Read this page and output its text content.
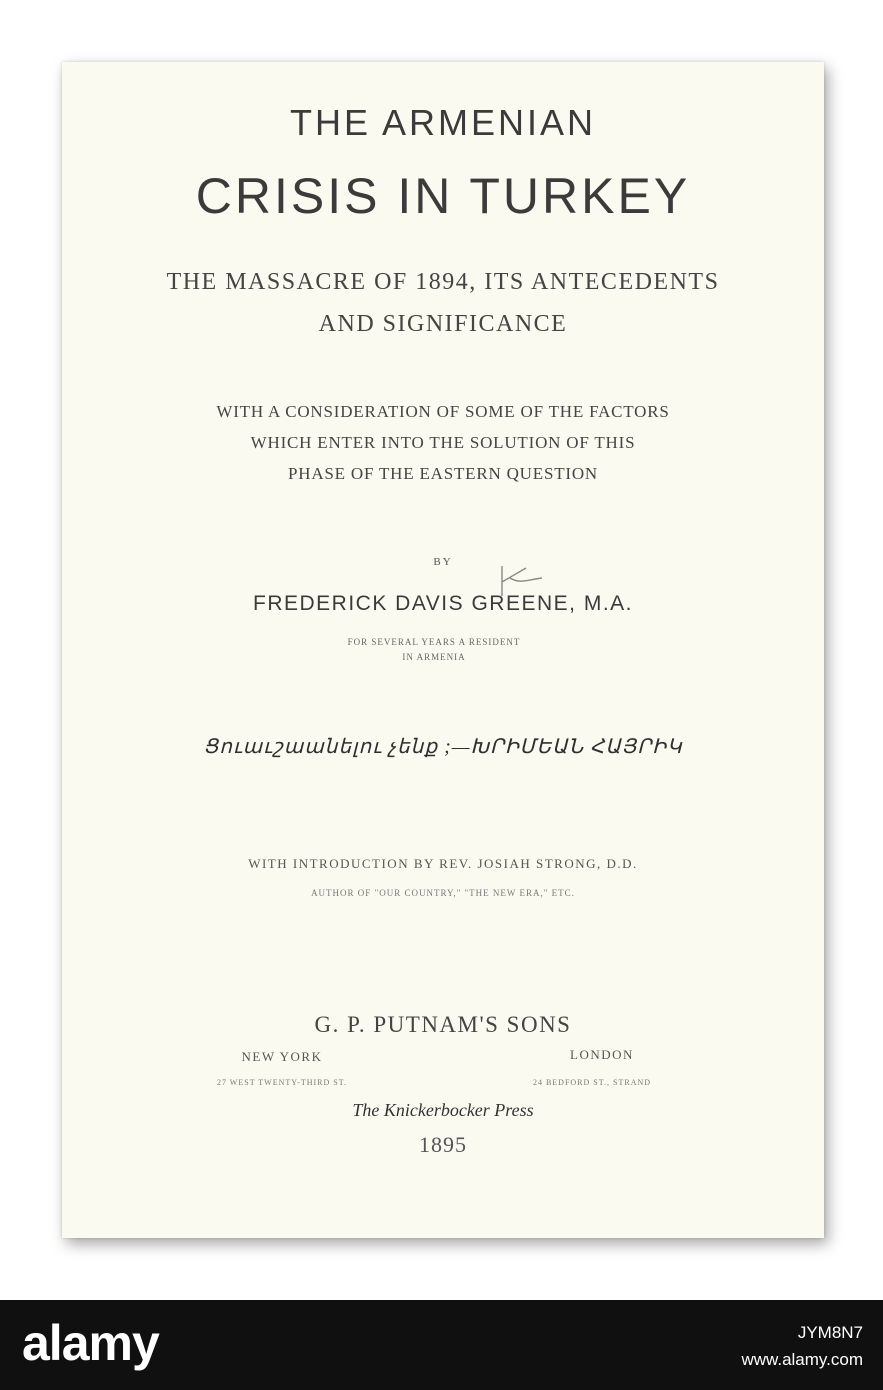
THE ARMENIAN
CRISIS IN TURKEY
THE MASSACRE OF 1894, ITS ANTECEDENTS
AND SIGNIFICANCE
WITH A CONSIDERATION OF SOME OF THE FACTORS
WHICH ENTER INTO THE SOLUTION OF THIS
PHASE OF THE EASTERN QUESTION
BY
FREDERICK DAVIS GREENE, M.A.
FOR SEVERAL YEARS A RESIDENT
IN ARMENIA
Ցուաւշաանելու չենք ;—ԽՐԻՄԵԱՆ ՀԱՅՐԻԿ
WITH INTRODUCTION BY REV. JOSIAH STRONG, D.D.
AUTHOR OF "OUR COUNTRY," "THE NEW ERA," ETC.
G. P. PUTNAM'S SONS
NEW YORK	LONDON
27 WEST TWENTY-THIRD ST.	24 BEDFORD ST., STRAND
The Knickerbocker Press
1895
alamy	JYM8N7
www.alamy.com
